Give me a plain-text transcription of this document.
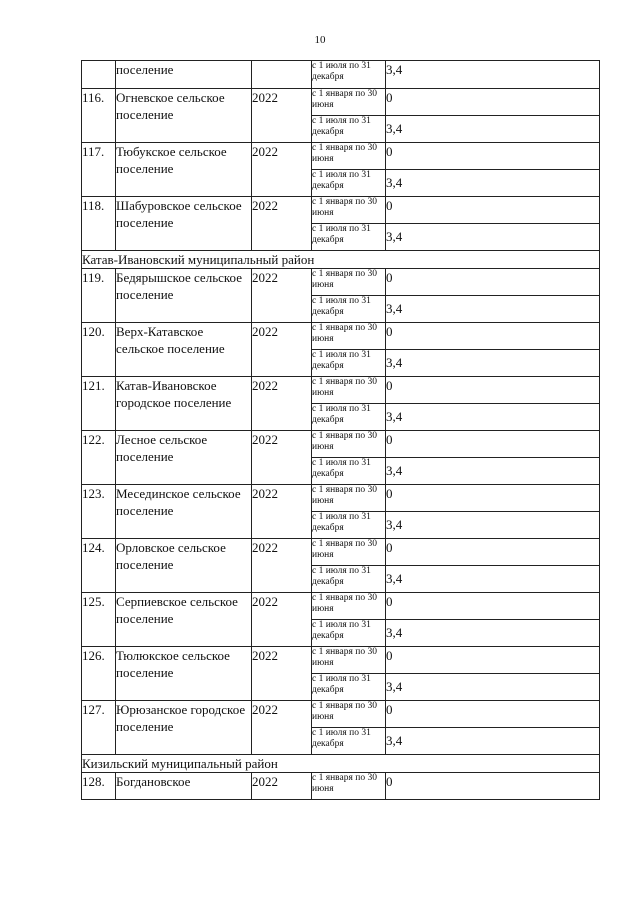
10
	поселение		с 1 июля по 31 декабря	3,4
116.	Огневское сельское поселение	2022	с 1 января по 30 июня	0
			с 1 июля по 31 декабря	3,4
117.	Тюбукское сельское поселение	2022	с 1 января по 30 июня	0
			с 1 июля по 31 декабря	3,4
118.	Шабуровское сельское поселение	2022	с 1 января по 30 июня	0
			с 1 июля по 31 декабря	3,4
Катав-Ивановский муниципальный район				
119.	Бедярышское сельское поселение	2022	с 1 января по 30 июня	0
			с 1 июля по 31 декабря	3,4
120.	Верх-Катавское сельское поселение	2022	с 1 января по 30 июня	0
			с 1 июля по 31 декабря	3,4
121.	Катав-Ивановское городское поселение	2022	с 1 января по 30 июня	0
			с 1 июля по 31 декабря	3,4
122.	Лесное сельское поселение	2022	с 1 января по 30 июня	0
			с 1 июля по 31 декабря	3,4
123.	Месединское сельское поселение	2022	с 1 января по 30 июня	0
			с 1 июля по 31 декабря	3,4
124.	Орловское сельское поселение	2022	с 1 января по 30 июня	0
			с 1 июля по 31 декабря	3,4
125.	Серпиевское сельское поселение	2022	с 1 января по 30 июня	0
			с 1 июля по 31 декабря	3,4
126.	Тюлюкское сельское поселение	2022	с 1 января по 30 июня	0
			с 1 июля по 31 декабря	3,4
127.	Юрюзанское городское поселение	2022	с 1 января по 30 июня	0
			с 1 июля по 31 декабря	3,4
Кизильский муниципальный район				
128.	Богдановское	2022	с 1 января по 30 июня	0
